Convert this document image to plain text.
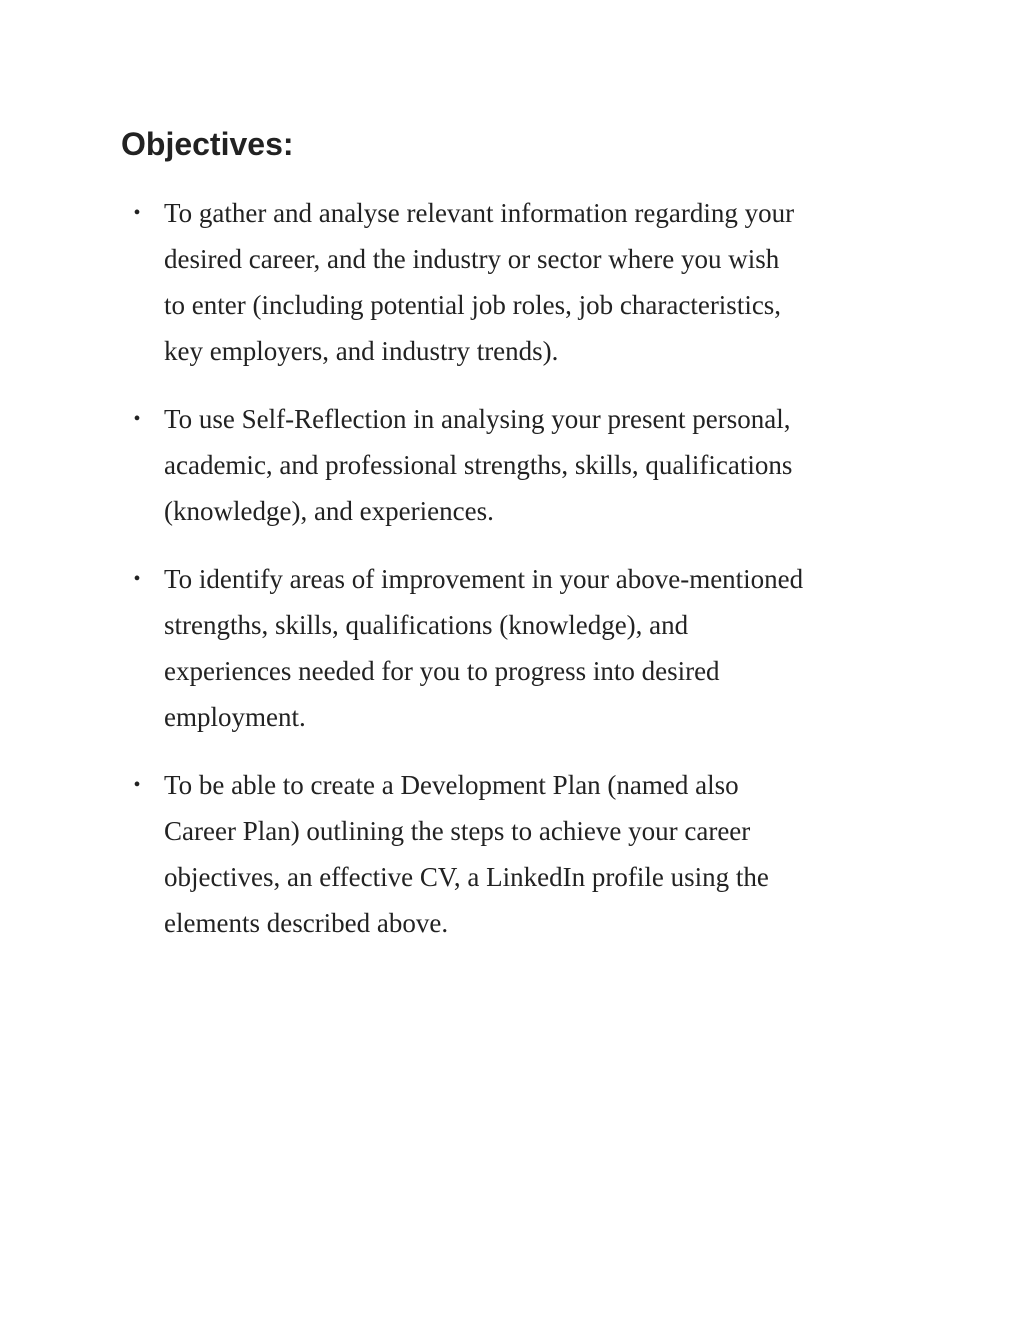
Objectives:
• To gather and analyse relevant information regarding your
desired career, and the industry or sector where you wish
to enter (including potential job roles, job characteristics,
key employers, and industry trends).
• To use Self-Reflection in analysing your present personal,
academic, and professional strengths, skills, qualifications
(knowledge), and experiences.
• To identify areas of improvement in your above-mentioned
strengths, skills, qualifications (knowledge), and
experiences needed for you to progress into desired
employment.
• To be able to create a Development Plan (named also
Career Plan) outlining the steps to achieve your career
objectives, an effective CV, a LinkedIn profile using the
elements described above.
